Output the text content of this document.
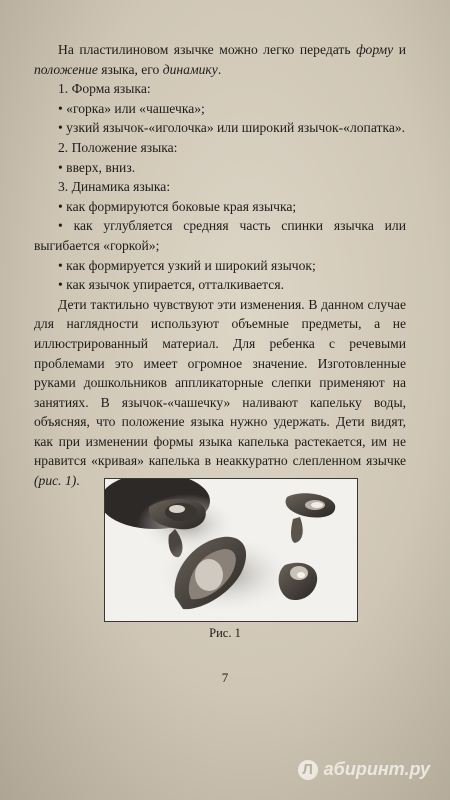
На пластилиновом язычке можно легко передать форму и положение языка, его динамику.

1. Форма языка:

• «горка» или «чашечка»;

• узкий язычок-«иголочка» или широкий язычок-«лопатка».

2. Положение языка:

• вверх, вниз.

3. Динамика языка:

• как формируются боковые края язычка;

• как углубляется средняя часть спинки язычка или выгибается «горкой»;

• как формируется узкий и широкий язычок;

• как язычок упирается, отталкивается.

Дети тактильно чувствуют эти изменения. В данном случае для наглядности используют объемные предметы, а не иллюстрированный материал. Для ребенка с речевыми проблемами это имеет огромное значение. Изготовленные руками дошкольников аппликаторные слепки применяют на занятиях. В язычок-«чашечку» наливают капельку воды, объясняя, что положение языка нужно удержать. Дети видят, как при изменении формы языка капелька растекается, им не нравится «кривая» капелька в неаккуратно слепленном язычке (рис. 1).

Рис. 1
7
Л абиринт.ру
